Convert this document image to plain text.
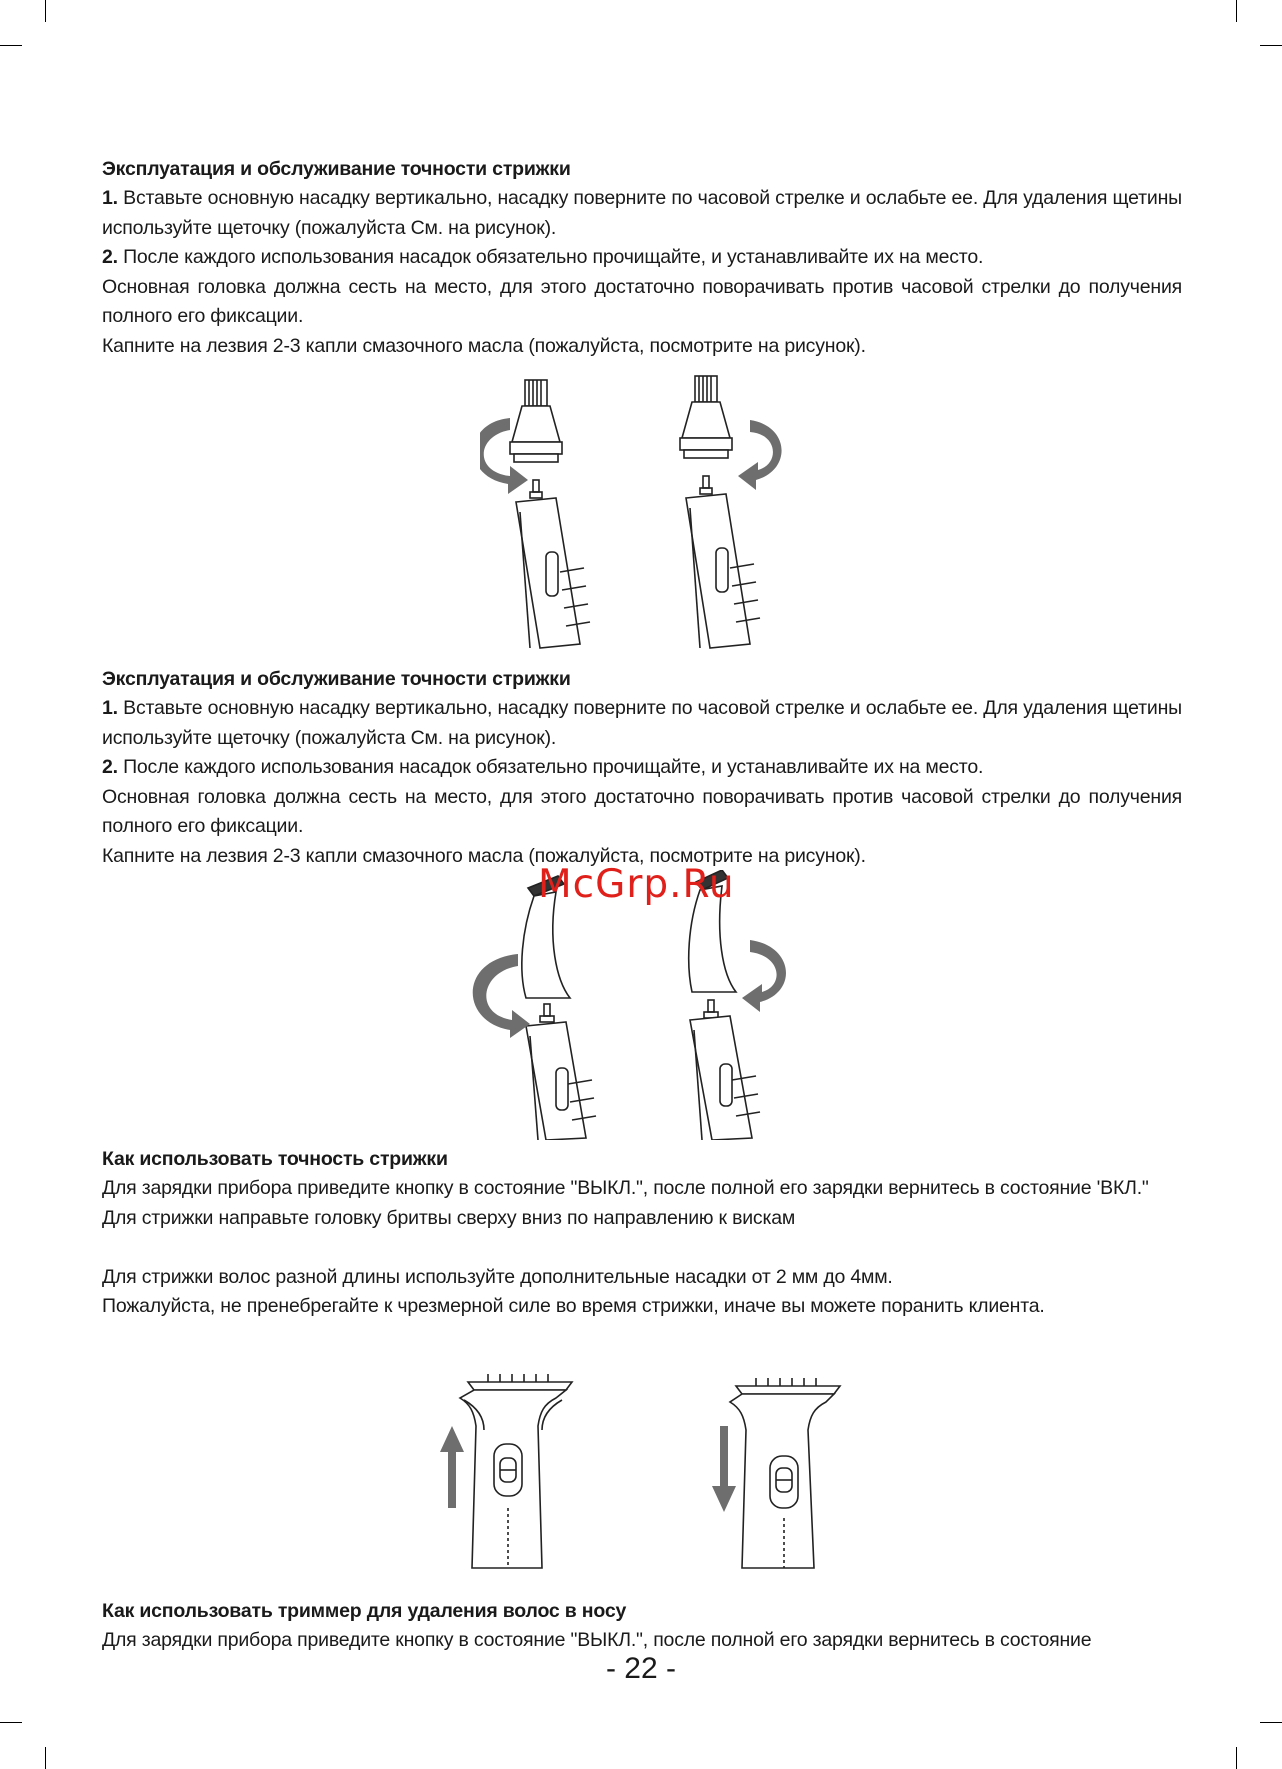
Эксплуатация и обслуживание точности стрижки
1. Вставьте основную насадку вертикально, насадку поверните по часовой стрелке и ослабьте ее. Для удаления щетины используйте щеточку (пожалуйста См. на рисунок).
2. После каждого использования насадок обязательно прочищайте, и устанавливайте их на место.
Основная головка должна сесть на место, для этого достаточно поворачивать против часовой стрелки до получения полного его фиксации.
Капните на лезвия 2-3 капли смазочного масла (пожалуйста, посмотрите на рисунок).
Эксплуатация и обслуживание точности стрижки
1. Вставьте основную насадку вертикально, насадку поверните по часовой стрелке и ослабьте ее. Для удаления щетины используйте щеточку (пожалуйста См. на рисунок).
2. После каждого использования насадок обязательно прочищайте, и устанавливайте их на место.
Основная головка должна сесть на место, для этого достаточно поворачивать против часовой стрелки до получения полного его фиксации.
Капните на лезвия 2-3 капли смазочного масла (пожалуйста, посмотрите на рисунок).
McGrp.Ru
Как использовать точность стрижки
Для зарядки прибора приведите кнопку в состояние "ВЫКЛ.", после полной его зарядки вернитесь в состояние 'ВКЛ."
Для стрижки направьте головку бритвы сверху вниз по направлению к вискам

Для стрижки волос разной длины используйте дополнительные насадки от 2 мм до 4мм.
Пожалуйста, не пренебрегайте к чрезмерной силе во время стрижки, иначе вы можете поранить клиента.
Как использовать триммер для удаления волос в носу
Для зарядки прибора приведите кнопку в состояние "ВЫКЛ.", после полной его зарядки вернитесь в состояние
- 22 -
